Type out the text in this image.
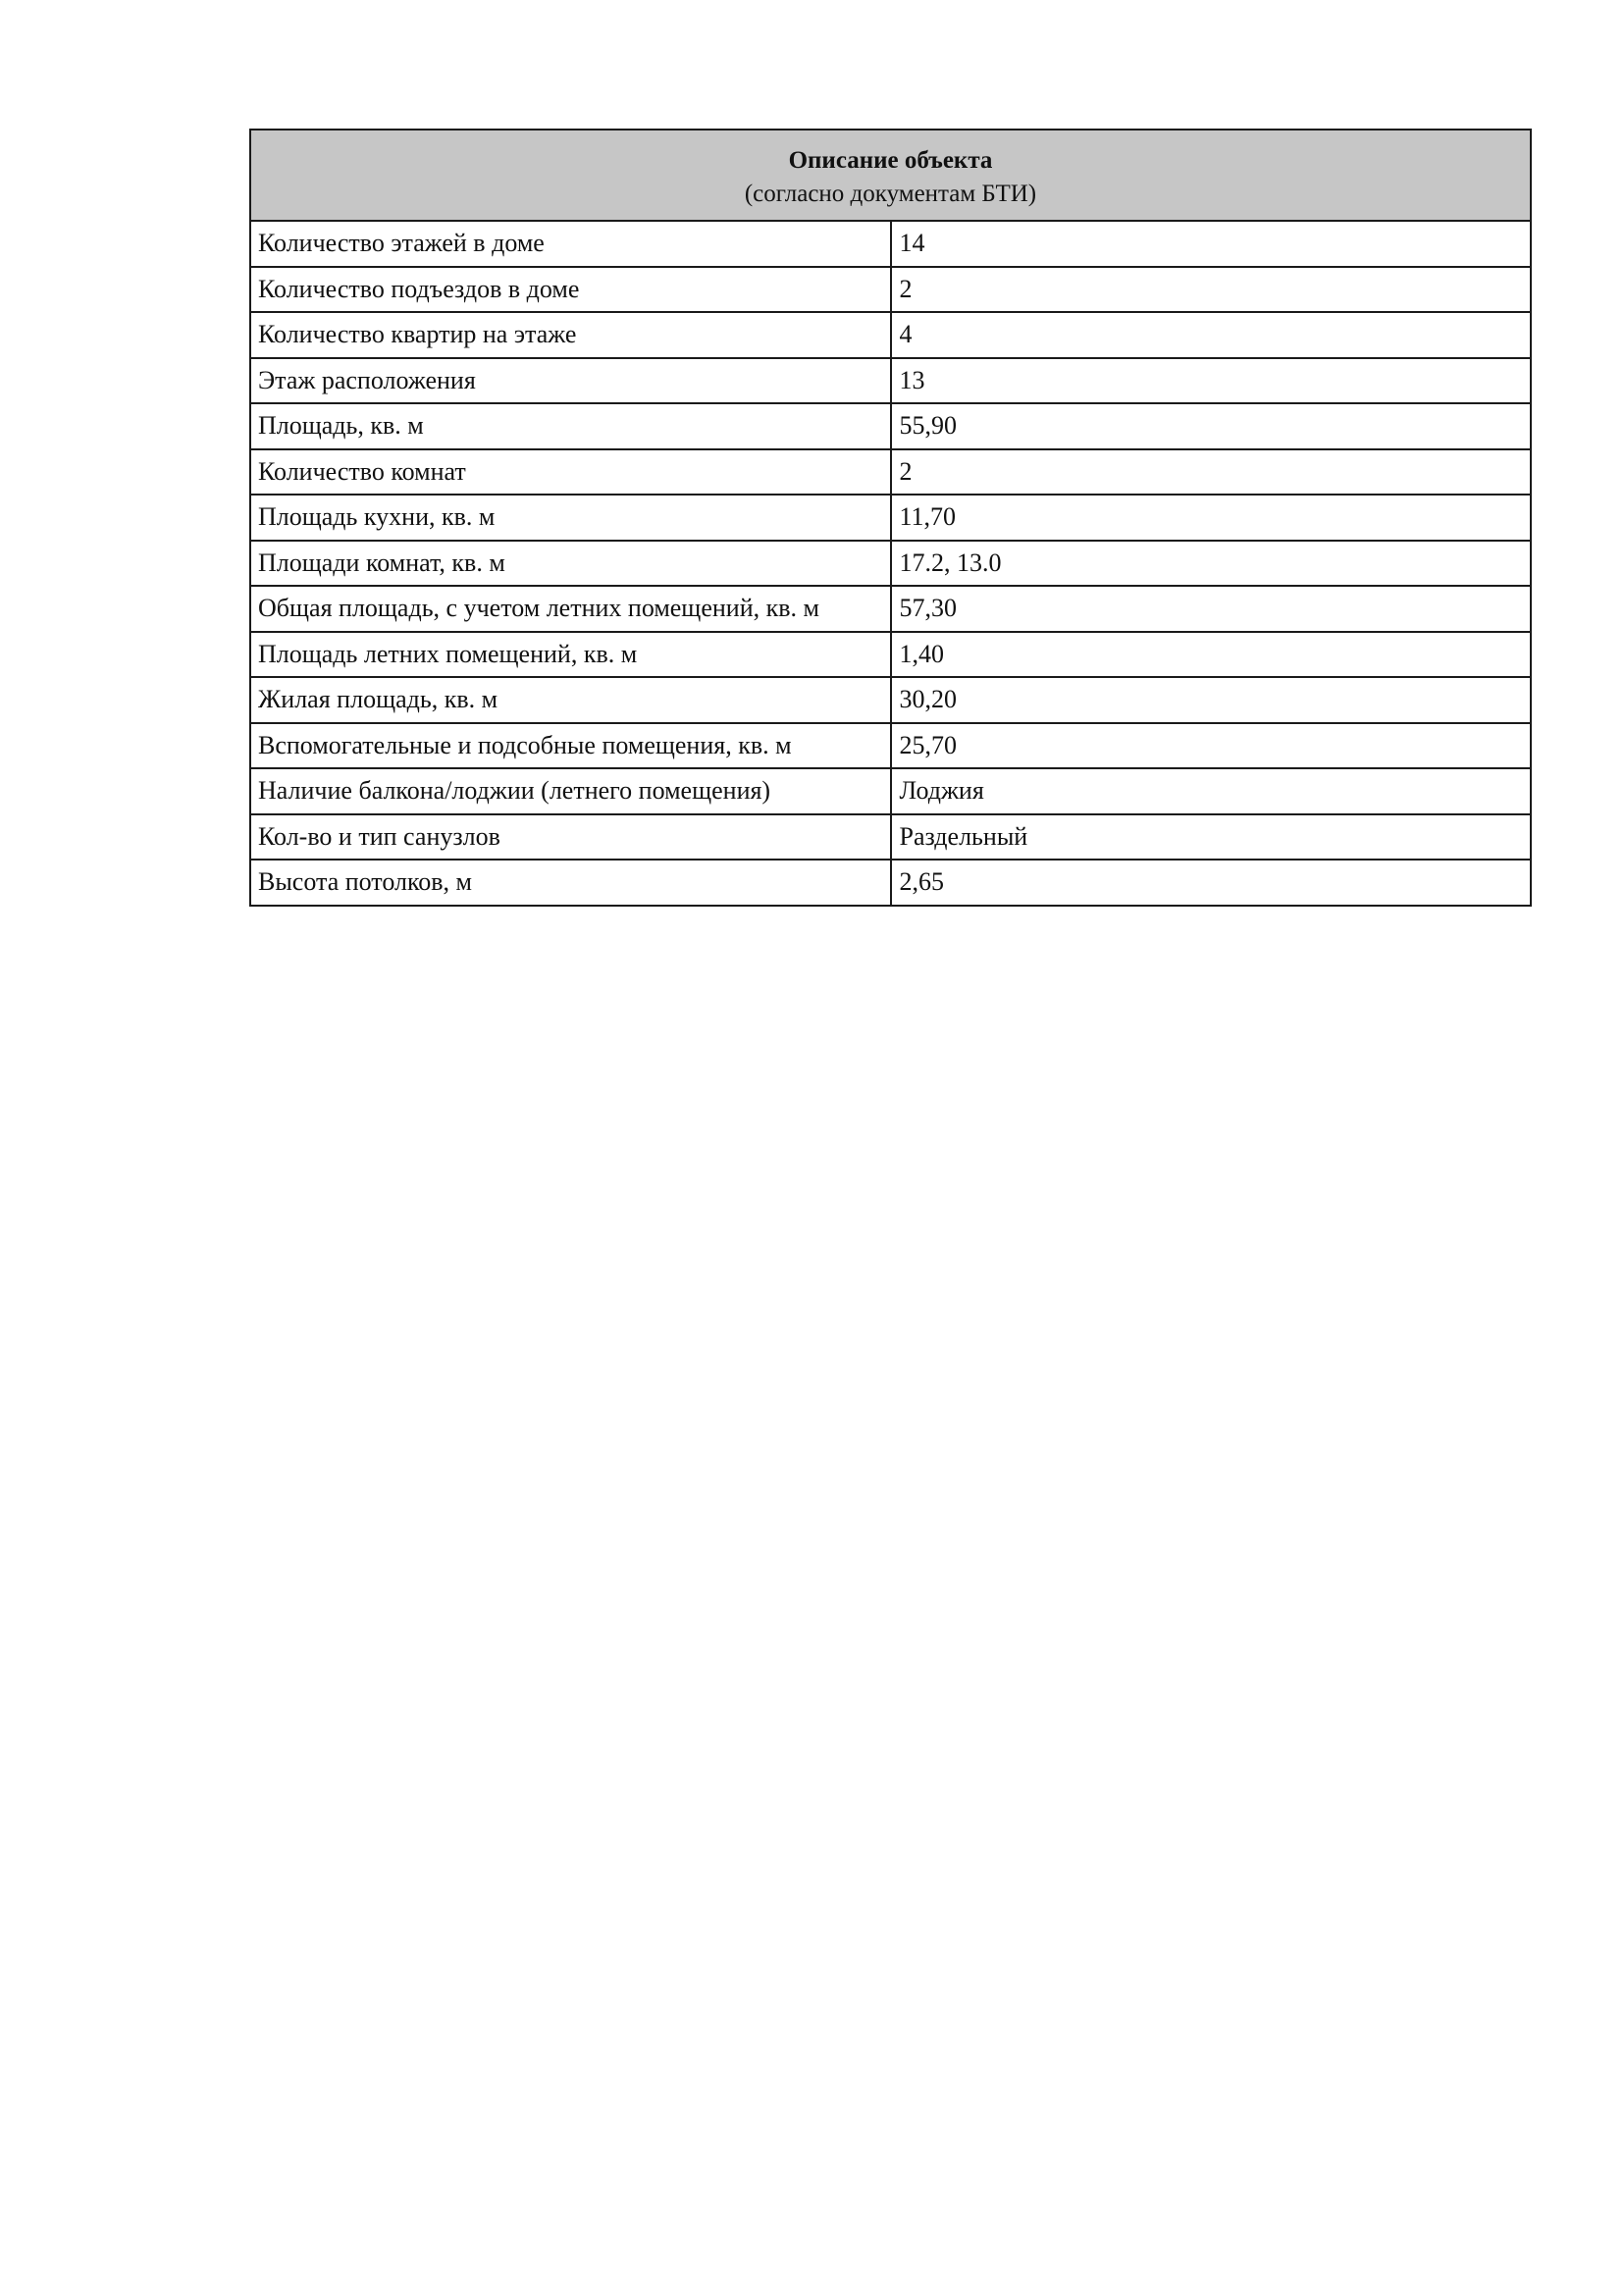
Описание объекта
(согласно документам БТИ)	

Количество этажей в доме	14
Количество подъездов в доме	2
Количество квартир на этаже	4
Этаж расположения	13
Площадь, кв. м	55,90
Количество комнат	2
Площадь кухни, кв. м	11,70
Площади комнат, кв. м	17.2, 13.0
Общая площадь, с учетом летних помещений, кв. м	57,30
Площадь летних помещений, кв. м	1,40
Жилая площадь, кв. м	30,20
Вспомогательные и подсобные помещения, кв. м	25,70
Наличие балкона/лоджии (летнего помещения)	Лоджия
Кол-во и тип санузлов	Раздельный
Высота потолков, м	2,65
